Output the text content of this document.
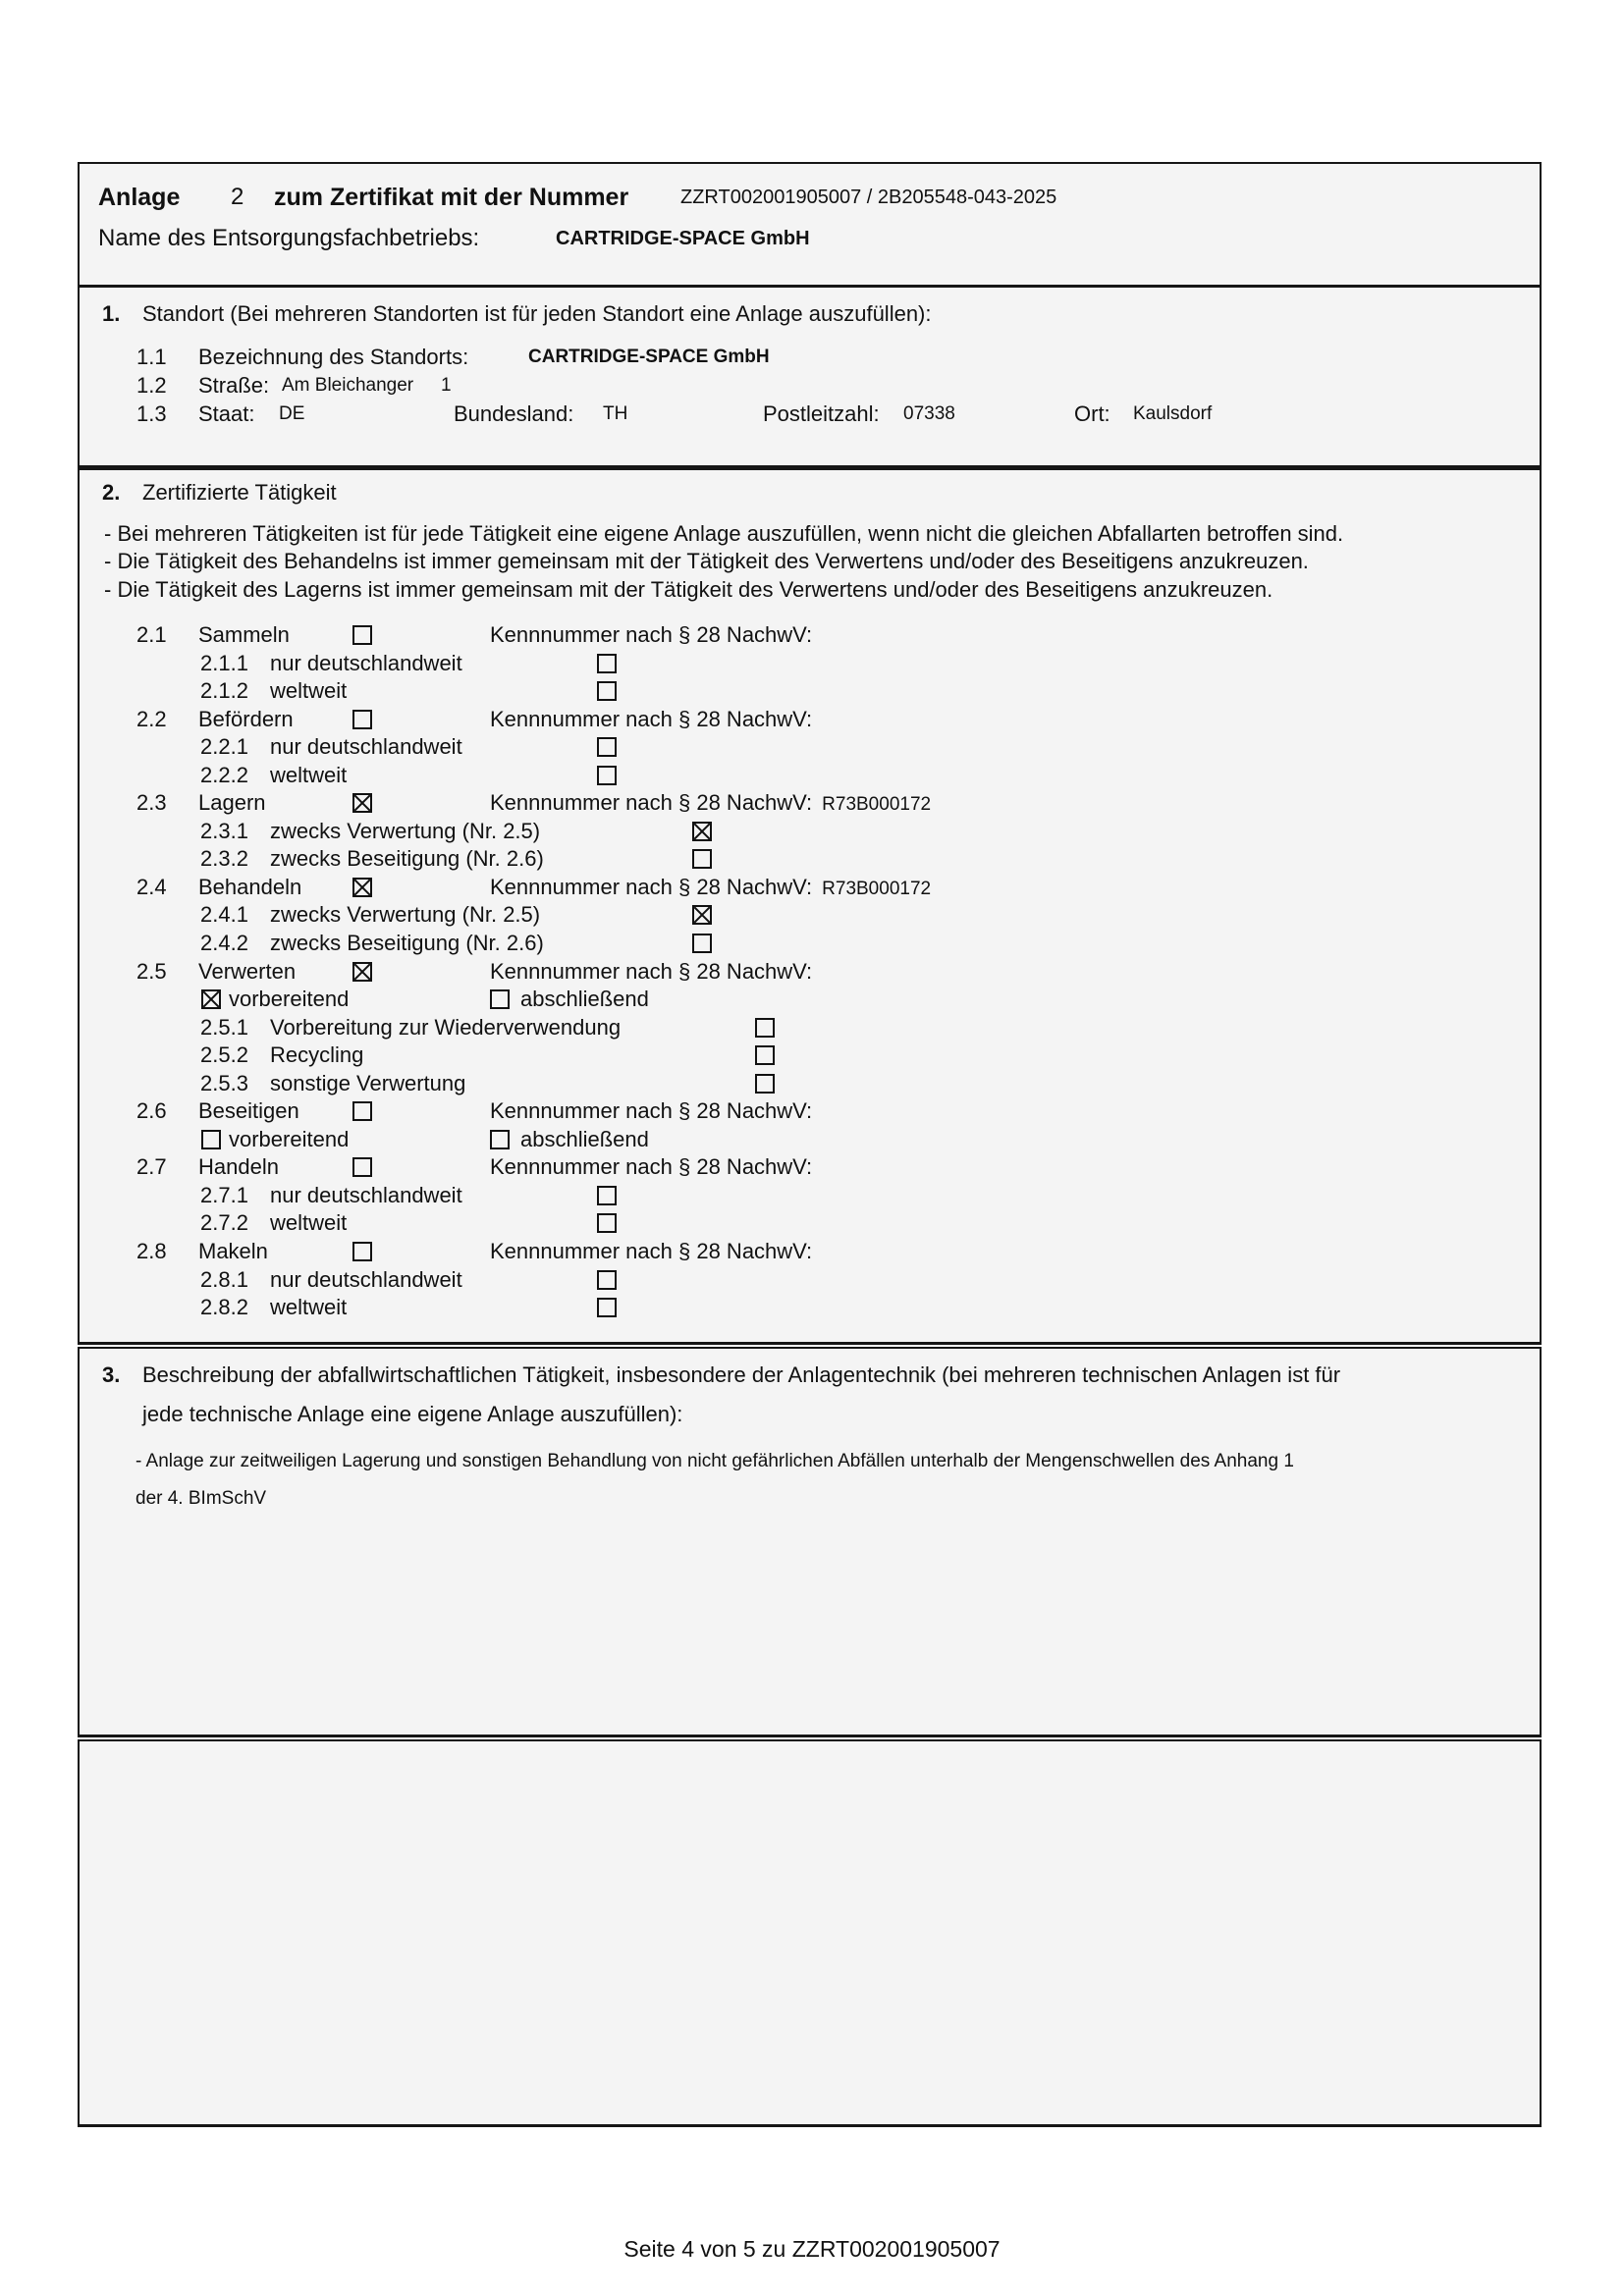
Anlage 2 zum Zertifikat mit der Nummer	ZZRT002001905007 / 2B205548-043-2025
Name des Entsorgungsfachbetriebs:	CARTRIDGE-SPACE GmbH
1. Standort (Bei mehreren Standorten ist für jeden Standort eine Anlage auszufüllen):
1.1 Bezeichnung des Standorts:	CARTRIDGE-SPACE GmbH
1.2 Straße: Am Bleichanger 1
1.3 Staat: DE	Bundesland: TH	Postleitzahl: 07338	Ort: Kaulsdorf
2. Zertifizierte Tätigkeit
- Bei mehreren Tätigkeiten ist für jede Tätigkeit eine eigene Anlage auszufüllen, wenn nicht die gleichen Abfallarten betroffen sind.
- Die Tätigkeit des Behandelns ist immer gemeinsam mit der Tätigkeit des Verwertens und/oder des Beseitigens anzukreuzen.
- Die Tätigkeit des Lagerns ist immer gemeinsam mit der Tätigkeit des Verwertens und/oder des Beseitigens anzukreuzen.
2.1 Sammeln	Kennnummer nach § 28 NachwV:
2.1.1 nur deutschlandweit
2.1.2 weltweit
2.2 Befördern	Kennnummer nach § 28 NachwV:
2.2.1 nur deutschlandweit
2.2.2 weltweit
2.3 Lagern	Kennnummer nach § 28 NachwV: R73B000172
2.3.1 zwecks Verwertung (Nr. 2.5)
2.3.2 zwecks Beseitigung (Nr. 2.6)
2.4 Behandeln	Kennnummer nach § 28 NachwV: R73B000172
2.4.1 zwecks Verwertung (Nr. 2.5)
2.4.2 zwecks Beseitigung (Nr. 2.6)
2.5 Verwerten	Kennnummer nach § 28 NachwV:
vorbereitend	abschließend
2.5.1 Vorbereitung zur Wiederverwendung
2.5.2 Recycling
2.5.3 sonstige Verwertung
2.6 Beseitigen	Kennnummer nach § 28 NachwV:
vorbereitend	abschließend
2.7 Handeln	Kennnummer nach § 28 NachwV:
2.7.1 nur deutschlandweit
2.7.2 weltweit
2.8 Makeln	Kennnummer nach § 28 NachwV:
2.8.1 nur deutschlandweit
2.8.2 weltweit
3. Beschreibung der abfallwirtschaftlichen Tätigkeit, insbesondere der Anlagentechnik (bei mehreren technischen Anlagen ist für
jede technische Anlage eine eigene Anlage auszufüllen):
- Anlage zur zeitweiligen Lagerung und sonstigen Behandlung von nicht gefährlichen Abfällen unterhalb der Mengenschwellen des Anhang 1
der 4. BImSchV
Seite 4 von 5 zu ZZRT002001905007
